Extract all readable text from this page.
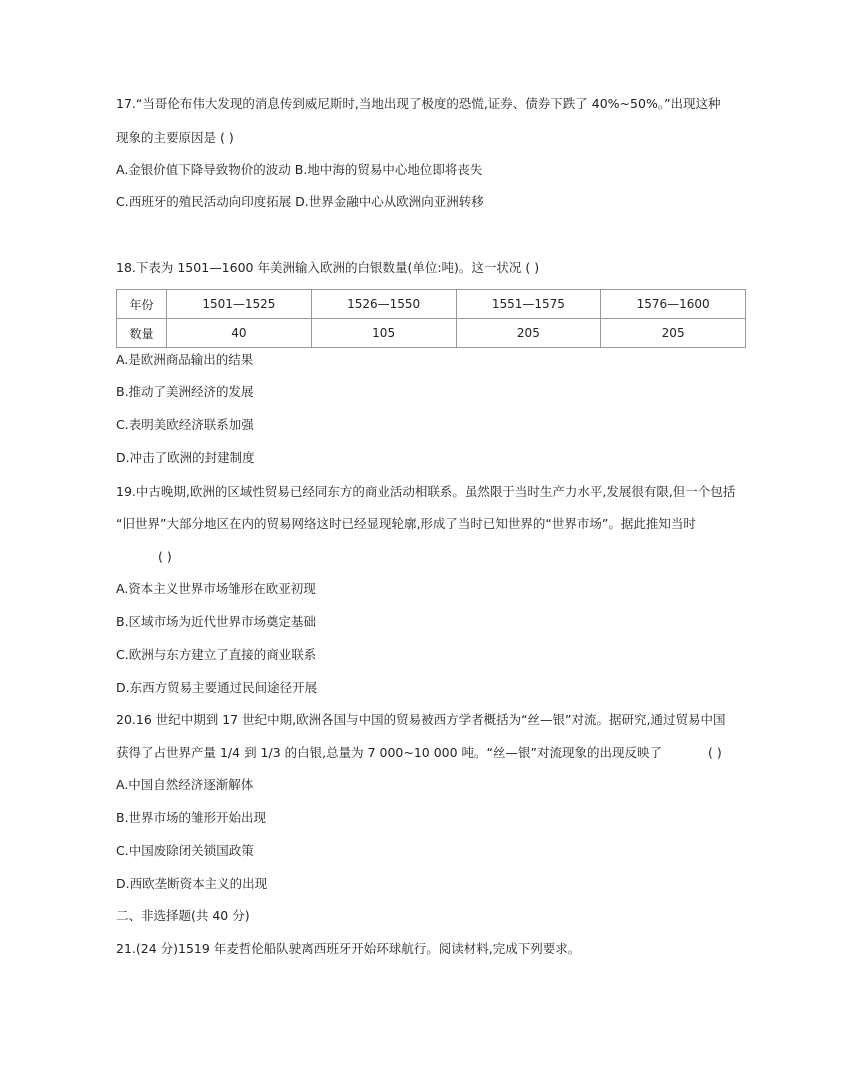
17.“当哥伦布伟大发现的消息传到威尼斯时,当地出现了极度的恐慌,证券、债券下跌了 40%~50%。”出现这种
现象的主要原因是 ( )
A.金银价值下降导致物价的波动 B.地中海的贸易中心地位即将丧失
C.西班牙的殖民活动向印度拓展 D.世界金融中心从欧洲向亚洲转移
18.下表为 1501—1600 年美洲输入欧洲的白银数量(单位:吨)。这一状况 ( )
年份	1501—1525	1526—1550	1551—1575	1576—1600
数量	40	105	205	205
A.是欧洲商品输出的结果
B.推动了美洲经济的发展
C.表明美欧经济联系加强
D.冲击了欧洲的封建制度
19.中古晚期,欧洲的区域性贸易已经同东方的商业活动相联系。虽然限于当时生产力水平,发展很有限,但一个包括
“旧世界”大部分地区在内的贸易网络这时已经显现轮廓,形成了当时已知世界的“世界市场”。据此推知当时
( )
A.资本主义世界市场雏形在欧亚初现
B.区域市场为近代世界市场奠定基础
C.欧洲与东方建立了直接的商业联系
D.东西方贸易主要通过民间途径开展
20.16 世纪中期到 17 世纪中期,欧洲各国与中国的贸易被西方学者概括为“丝—银”对流。据研究,通过贸易中国
获得了占世界产量 1/4 到 1/3 的白银,总量为 7 000~10 000 吨。“丝—银”对流现象的出现反映了	( )
A.中国自然经济逐渐解体
B.世界市场的雏形开始出现
C.中国废除闭关锁国政策
D.西欧垄断资本主义的出现
二、非选择题(共 40 分)
21.(24 分)1519 年麦哲伦船队驶离西班牙开始环球航行。阅读材料,完成下列要求。
